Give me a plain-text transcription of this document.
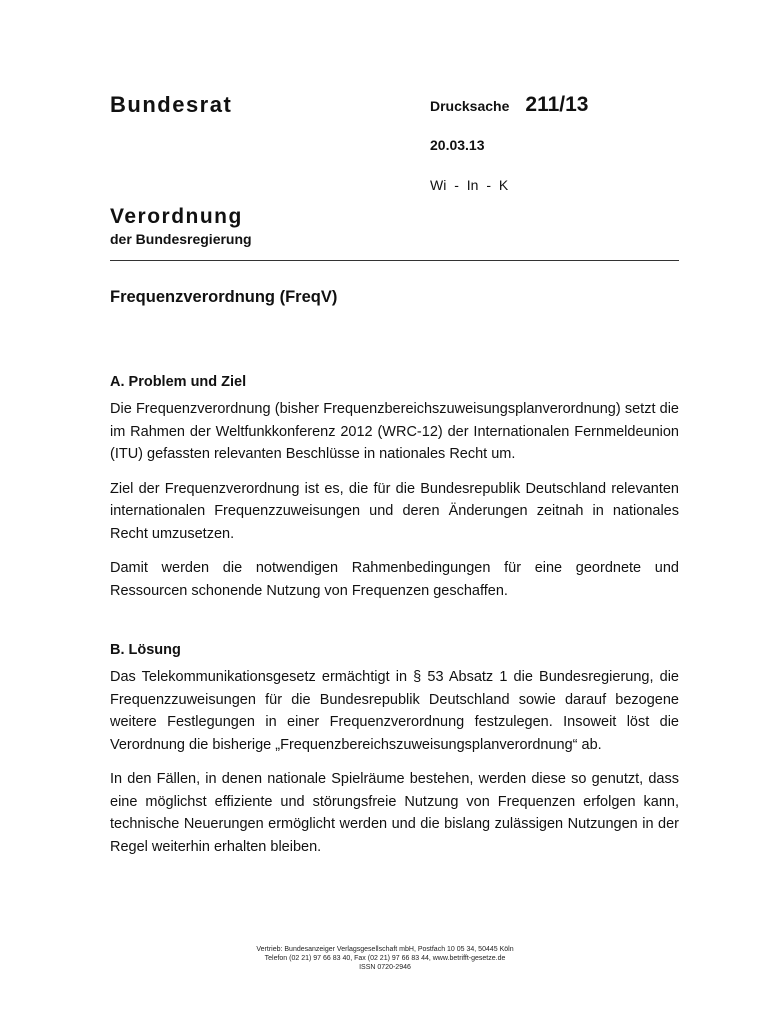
Bundesrat	Drucksache 211/13
20.03.13
Wi - In - K
Verordnung
der Bundesregierung
Frequenzverordnung (FreqV)
A. Problem und Ziel

Die Frequenzverordnung (bisher Frequenzbereichszuweisungsplanverordnung) setzt die im Rahmen der Weltfunkkonferenz 2012 (WRC-12) der Internationalen Fernmeldeunion (ITU) gefassten relevanten Beschlüsse in nationales Recht um.

Ziel der Frequenzverordnung ist es, die für die Bundesrepublik Deutschland relevanten internationalen Frequenzzuweisungen und deren Änderungen zeitnah in nationales Recht umzusetzen.

Damit werden die notwendigen Rahmenbedingungen für eine geordnete und Ressourcen schonende Nutzung von Frequenzen geschaffen.

B. Lösung

Das Telekommunikationsgesetz ermächtigt in § 53 Absatz 1 die Bundesregierung, die Frequenzzuweisungen für die Bundesrepublik Deutschland sowie darauf bezogene weitere Festlegungen in einer Frequenzverordnung festzulegen. Insoweit löst die Verordnung die bisherige „Frequenzbereichszuweisungsplanverordnung“ ab.

In den Fällen, in denen nationale Spielräume bestehen, werden diese so genutzt, dass eine möglichst effiziente und störungsfreie Nutzung von Frequenzen erfolgen kann, technische Neuerungen ermöglicht werden und die bislang zulässigen Nutzungen in der Regel weiterhin erhalten bleiben.

Vertrieb: Bundesanzeiger Verlagsgesellschaft mbH, Postfach 10 05 34, 50445 Köln
Telefon (02 21) 97 66 83 40, Fax (02 21) 97 66 83 44, www.betrifft-gesetze.de
ISSN 0720-2946
